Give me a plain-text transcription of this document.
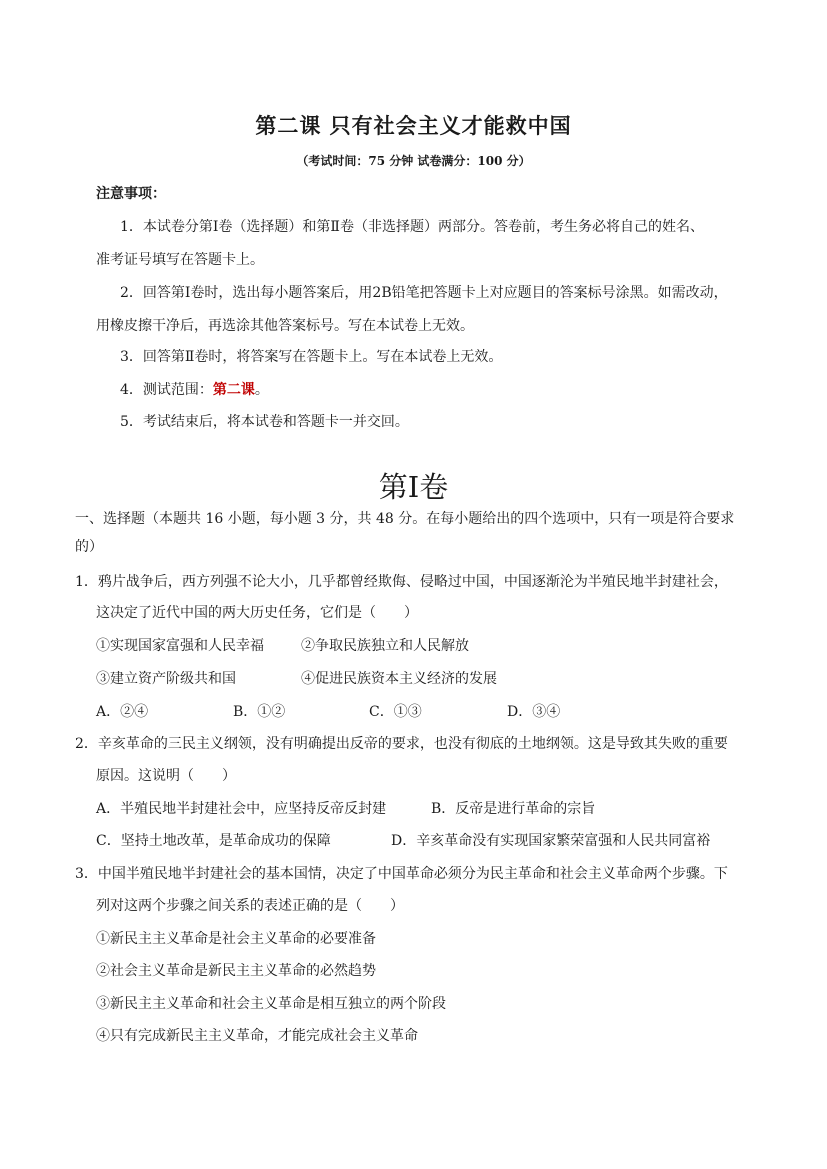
第二课 只有社会主义才能救中国
（考试时间：75 分钟 试卷满分：100 分）
注意事项：
1．本试卷分第Ⅰ卷（选择题）和第Ⅱ卷（非选择题）两部分。答卷前，考生务必将自己的姓名、
准考证号填写在答题卡上。
2．回答第Ⅰ卷时，选出每小题答案后，用2B铅笔把答题卡上对应题目的答案标号涂黑。如需改动，
用橡皮擦干净后，再选涂其他答案标号。写在本试卷上无效。
3．回答第Ⅱ卷时，将答案写在答题卡上。写在本试卷上无效。
4．测试范围：第二课。
5．考试结束后，将本试卷和答题卡一并交回。
第Ⅰ卷
一、选择题（本题共 16 小题，每小题 3 分，共 48 分。在每小题给出的四个选项中，只有一项是符合要求
的）
1．鸦片战争后，西方列强不论大小，几乎都曾经欺侮、侵略过中国，中国逐渐沦为半殖民地半封建社会，
这决定了近代中国的两大历史任务，它们是（　　）
①实现国家富强和人民幸福	②争取民族独立和人民解放
③建立资产阶级共和国	④促进民族资本主义经济的发展
A．②④	B．①②	C．①③	D．③④
2．辛亥革命的三民主义纲领，没有明确提出反帝的要求，也没有彻底的土地纲领。这是导致其失败的重要
原因。这说明（　　）
A．半殖民地半封建社会中，应坚持反帝反封建	B．反帝是进行革命的宗旨
C．坚持土地改革，是革命成功的保障	D．辛亥革命没有实现国家繁荣富强和人民共同富裕
3．中国半殖民地半封建社会的基本国情，决定了中国革命必须分为民主革命和社会主义革命两个步骤。下
列对这两个步骤之间关系的表述正确的是（　　）
①新民主主义革命是社会主义革命的必要准备
②社会主义革命是新民主主义革命的必然趋势
③新民主主义革命和社会主义革命是相互独立的两个阶段
④只有完成新民主主义革命，才能完成社会主义革命
